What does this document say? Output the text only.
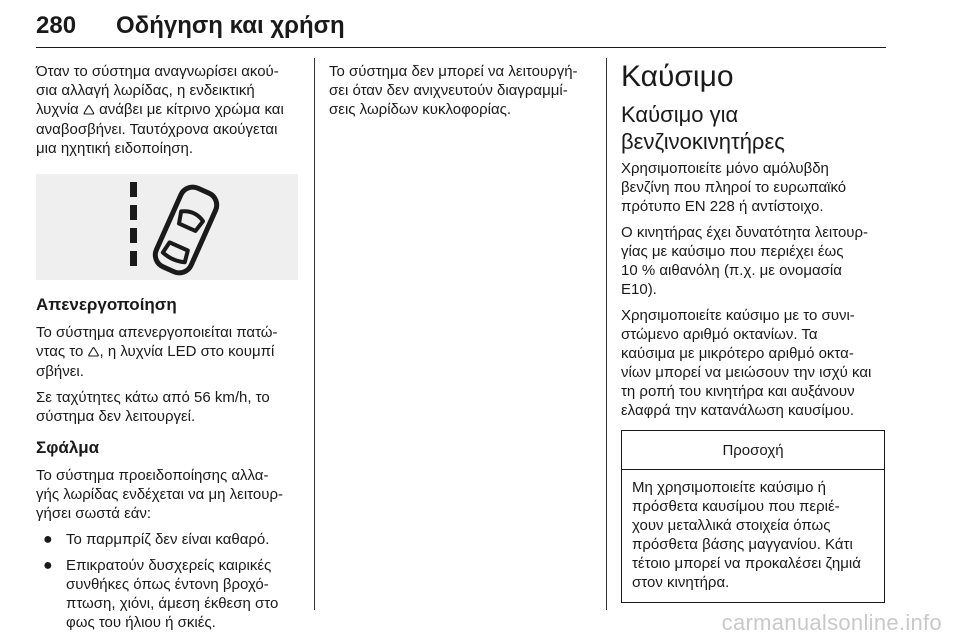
280 Οδήγηση και χρήση

Όταν το σύστημα αναγνωρίσει ακού-
σια αλλαγή λωρίδας, η ενδεικτική
λυχνία 🛆 ανάβει με κίτρινο χρώμα και
αναβοσβήνει. Ταυτόχρονα ακούγεται
μια ηχητική ειδοποίηση.

Απενεργοποίηση

Το σύστημα απενεργοποιείται πατώ-
ντας το 🛆, η λυχνία LED στο κουμπί
σβήνει.

Σε ταχύτητες κάτω από 56 km/h, το
σύστημα δεν λειτουργεί.

Σφάλμα

Το σύστημα προειδοποίησης αλλα-
γής λωρίδας ενδέχεται να μη λειτουρ-
γήσει σωστά εάν:

● Το παρμπρίζ δεν είναι καθαρό.
● Επικρατούν δυσχερείς καιρικές
συνθήκες όπως έντονη βροχό-
πτωση, χιόνι, άμεση έκθεση στο
φως του ήλιου ή σκιές.

Το σύστημα δεν μπορεί να λειτουργή-
σει όταν δεν ανιχνευτούν διαγραμμί-
σεις λωρίδων κυκλοφορίας.

Καύσιμο
Καύσιμο για
βενζινοκινητήρες

Χρησιμοποιείτε μόνο αμόλυβδη
βενζίνη που πληροί το ευρωπαϊκό
πρότυπο EN 228 ή αντίστοιχο.

Ο κινητήρας έχει δυνατότητα λειτουρ-
γίας με καύσιμο που περιέχει έως
10 % αιθανόλη (π.χ. με ονομασία
E10).

Χρησιμοποιείτε καύσιμο με το συνι-
στώμενο αριθμό οκτανίων. Τα
καύσιμα με μικρότερο αριθμό οκτα-
νίων μπορεί να μειώσουν την ισχύ και
τη ροπή του κινητήρα και αυξάνουν
ελαφρά την κατανάλωση καυσίμου.

Προσοχή
Μη χρησιμοποιείτε καύσιμο ή
πρόσθετα καυσίμου που περιέ-
χουν μεταλλικά στοιχεία όπως
πρόσθετα βάσης μαγγανίου. Κάτι
τέτοιο μπορεί να προκαλέσει ζημιά
στον κινητήρα.
carmanualsonline.info
